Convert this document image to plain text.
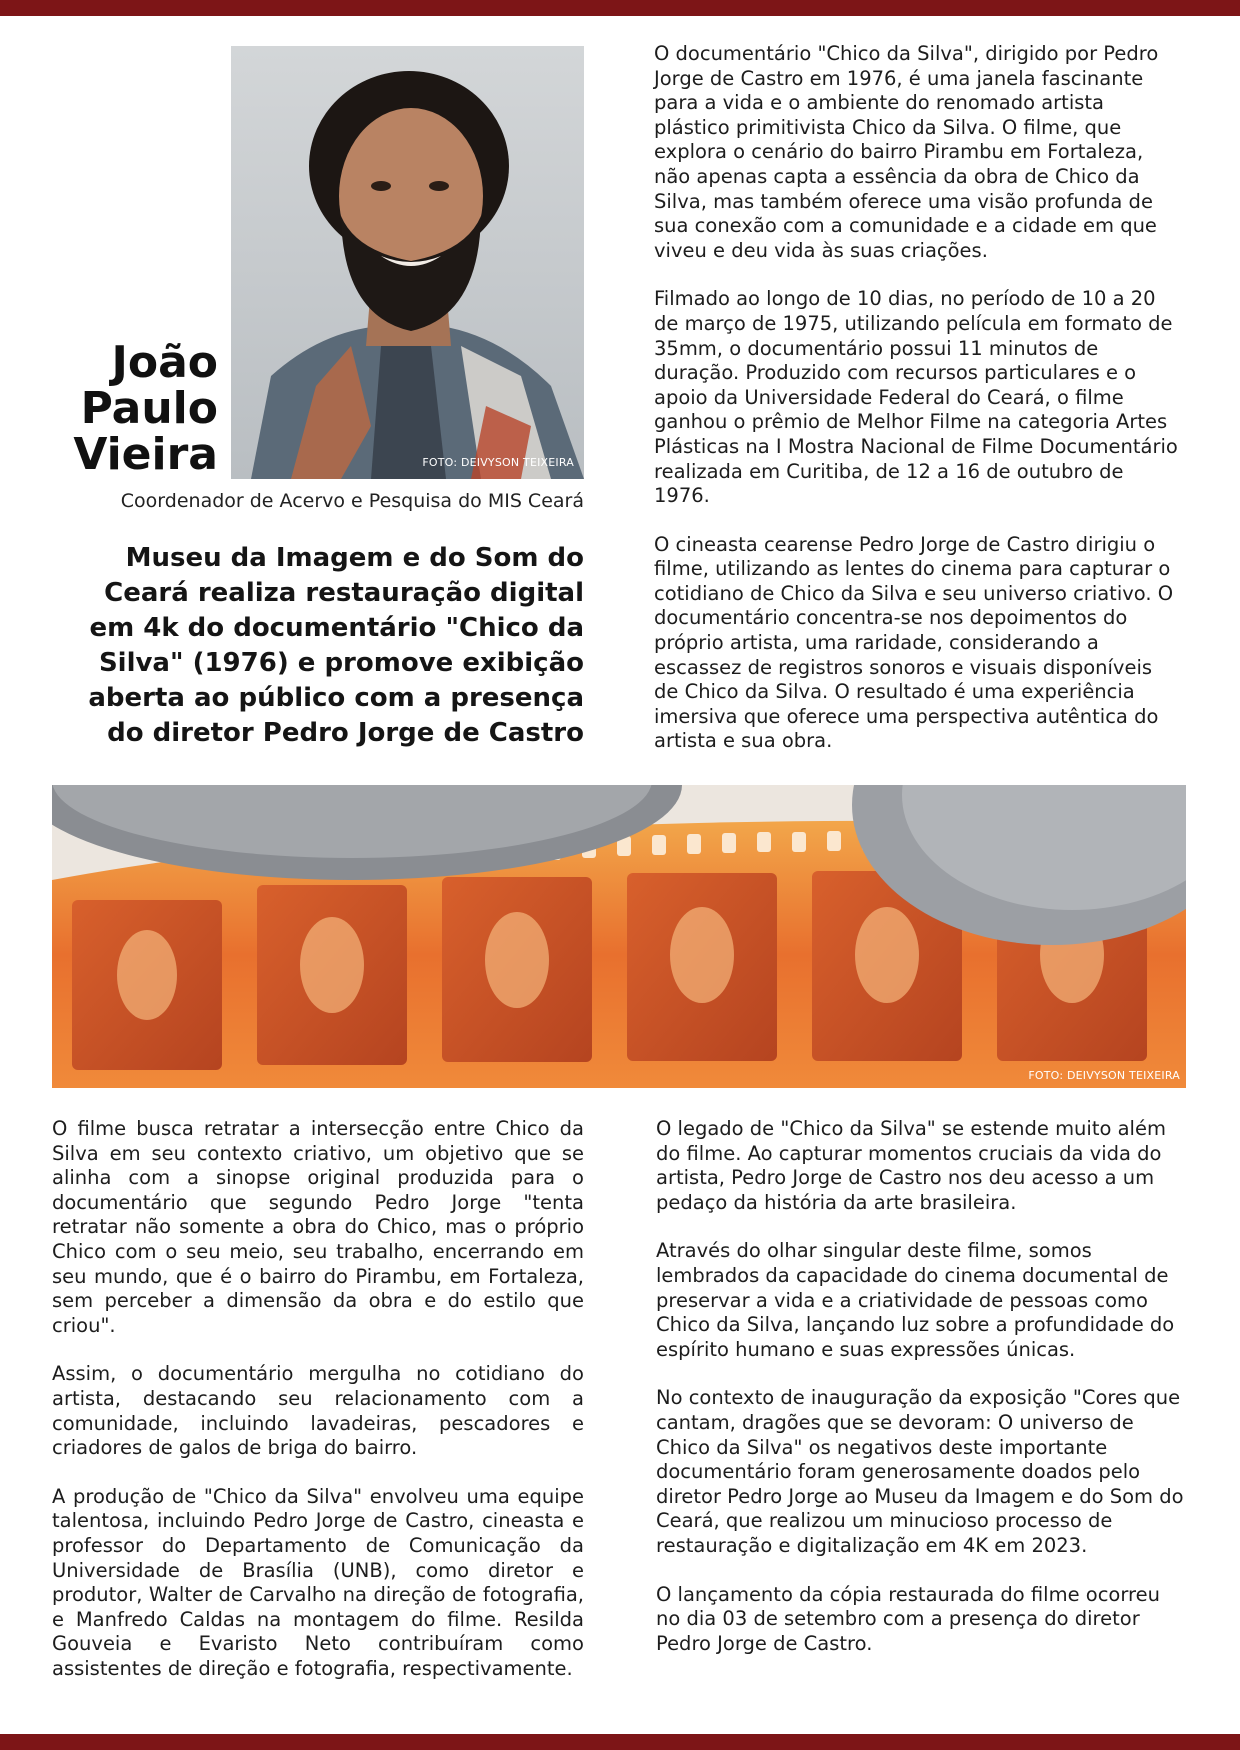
FOTO: DEIVYSON TEIXEIRA
João
Paulo
Vieira
Coordenador de Acervo e Pesquisa do MIS Ceará
Museu da Imagem e do Som do Ceará realiza restauração digital em 4k do documentário "Chico da Silva" (1976) e promove exibição aberta ao público com a presença do diretor Pedro Jorge de Castro

O documentário "Chico da Silva", dirigido por Pedro Jorge de Castro em 1976, é uma janela fascinante para a vida e o ambiente do renomado artista plástico primitivista Chico da Silva. O filme, que explora o cenário do bairro Pirambu em Fortaleza, não apenas capta a essência da obra de Chico da Silva, mas também oferece uma visão profunda de sua conexão com a comunidade e a cidade em que viveu e deu vida às suas criações.

Filmado ao longo de 10 dias, no período de 10 a 20 de março de 1975, utilizando película em formato de 35mm, o documentário possui 11 minutos de duração. Produzido com recursos particulares e o apoio da Universidade Federal do Ceará, o filme ganhou o prêmio de Melhor Filme na categoria Artes Plásticas na I Mostra Nacional de Filme Documentário realizada em Curitiba, de 12 a 16 de outubro de 1976.

O cineasta cearense Pedro Jorge de Castro dirigiu o filme, utilizando as lentes do cinema para capturar o cotidiano de Chico da Silva e seu universo criativo. O documentário concentra-se nos depoimentos do próprio artista, uma raridade, considerando a escassez de registros sonoros e visuais disponíveis de Chico da Silva. O resultado é uma experiência imersiva que oferece uma perspectiva autêntica do artista e sua obra.

FOTO: DEIVYSON TEIXEIRA

O filme busca retratar a intersecção entre Chico da Silva em seu contexto criativo, um objetivo que se alinha com a sinopse original produzida para o documentário que segundo Pedro Jorge "tenta retratar não somente a obra do Chico, mas o próprio Chico com o seu meio, seu trabalho, encerrando em seu mundo, que é o bairro do Pirambu, em Fortaleza, sem perceber a dimensão da obra e do estilo que criou".

Assim, o documentário mergulha no cotidiano do artista, destacando seu relacionamento com a comunidade, incluindo lavadeiras, pescadores e criadores de galos de briga do bairro.

A produção de "Chico da Silva" envolveu uma equipe talentosa, incluindo Pedro Jorge de Castro, cineasta e professor do Departamento de Comunicação da Universidade de Brasília (UNB), como diretor e produtor, Walter de Carvalho na direção de fotografia, e Manfredo Caldas na montagem do filme. Resilda Gouveia e Evaristo Neto contribuíram como assistentes de direção e fotografia, respectivamente.

O legado de "Chico da Silva" se estende muito além do filme. Ao capturar momentos cruciais da vida do artista, Pedro Jorge de Castro nos deu acesso a um pedaço da história da arte brasileira.

Através do olhar singular deste filme, somos lembrados da capacidade do cinema documental de preservar a vida e a criatividade de pessoas como Chico da Silva, lançando luz sobre a profundidade do espírito humano e suas expressões únicas.

No contexto de inauguração da exposição "Cores que cantam, dragões que se devoram: O universo de Chico da Silva" os negativos deste importante documentário foram generosamente doados pelo diretor Pedro Jorge ao Museu da Imagem e do Som do Ceará, que realizou um minucioso processo de restauração e digitalização em 4K em 2023.

O lançamento da cópia restaurada do filme ocorreu no dia 03 de setembro com a presença do diretor Pedro Jorge de Castro.
